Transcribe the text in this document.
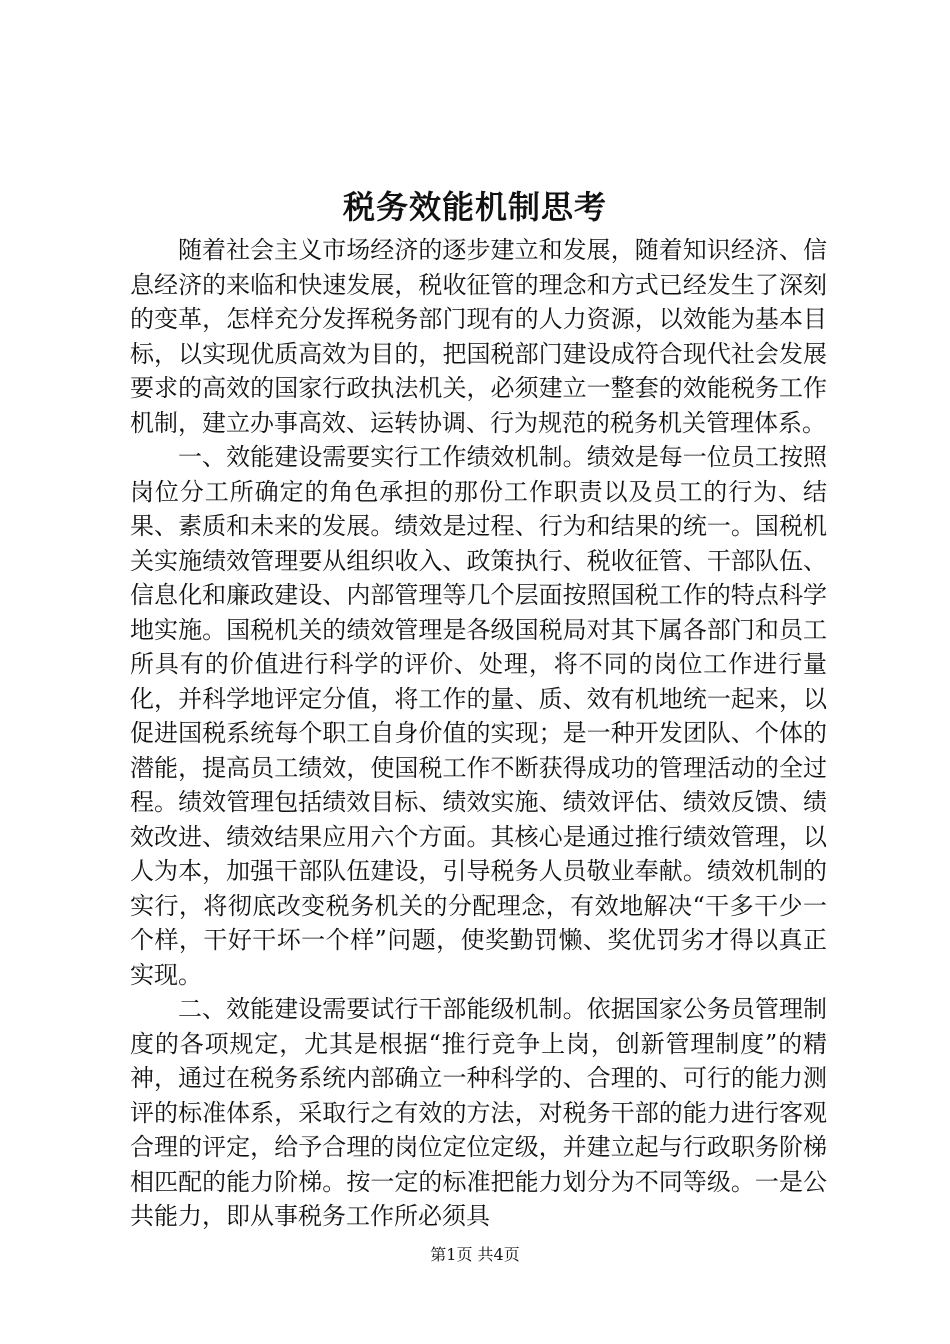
税务效能机制思考

随着社会主义市场经济的逐步建立和发展，随着知识经济、信息经济的来临和快速发展，税收征管的理念和方式已经发生了深刻的变革，怎样充分发挥税务部门现有的人力资源，以效能为基本目标，以实现优质高效为目的，把国税部门建设成符合现代社会发展要求的高效的国家行政执法机关，必须建立一整套的效能税务工作机制，建立办事高效、运转协调、行为规范的税务机关管理体系。

一、效能建设需要实行工作绩效机制。绩效是每一位员工按照岗位分工所确定的角色承担的那份工作职责以及员工的行为、结果、素质和未来的发展。绩效是过程、行为和结果的统一。国税机关实施绩效管理要从组织收入、政策执行、税收征管、干部队伍、信息化和廉政建设、内部管理等几个层面按照国税工作的特点科学地实施。国税机关的绩效管理是各级国税局对其下属各部门和员工所具有的价值进行科学的评价、处理，将不同的岗位工作进行量化，并科学地评定分值，将工作的量、质、效有机地统一起来，以促进国税系统每个职工自身价值的实现；是一种开发团队、个体的潜能，提高员工绩效，使国税工作不断获得成功的管理活动的全过程。绩效管理包括绩效目标、绩效实施、绩效评估、绩效反馈、绩效改进、绩效结果应用六个方面。其核心是通过推行绩效管理，以人为本，加强干部队伍建设，引导税务人员敬业奉献。绩效机制的实行，将彻底改变税务机关的分配理念，有效地解决“干多干少一个样，干好干坏一个样”问题，使奖勤罚懒、奖优罚劣才得以真正实现。

二、效能建设需要试行干部能级机制。依据国家公务员管理制度的各项规定，尤其是根据“推行竞争上岗，创新管理制度”的精神，通过在税务系统内部确立一种科学的、合理的、可行的能力测评的标准体系，采取行之有效的方法，对税务干部的能力进行客观合理的评定，给予合理的岗位定位定级，并建立起与行政职务阶梯相匹配的能力阶梯。按一定的标准把能力划分为不同等级。一是公共能力，即从事税务工作所必须具

第1页 共4页
